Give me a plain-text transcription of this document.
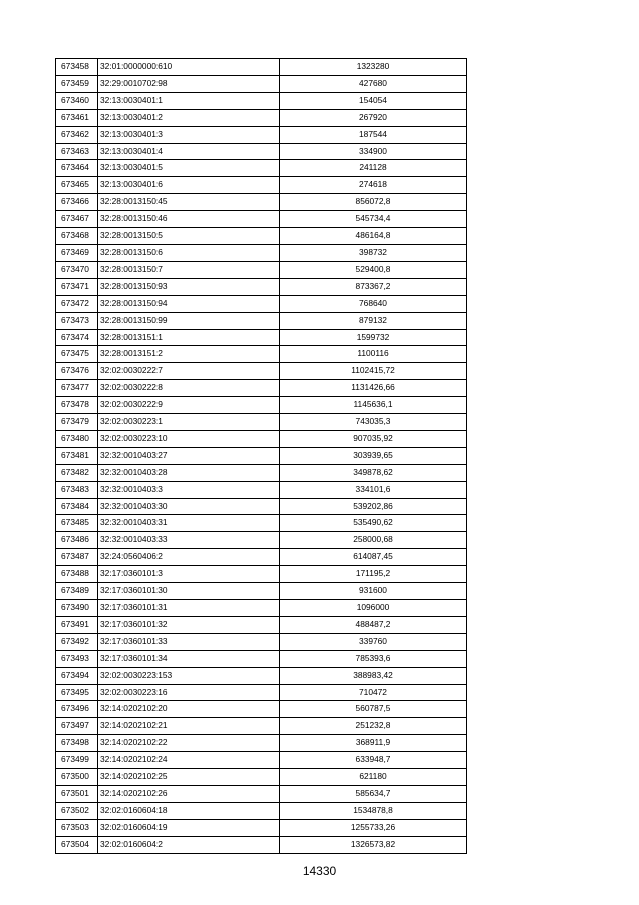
673458	32:01:0000000:610	1323280
673459	32:29:0010702:98	427680
673460	32:13:0030401:1	154054
673461	32:13:0030401:2	267920
673462	32:13:0030401:3	187544
673463	32:13:0030401:4	334900
673464	32:13:0030401:5	241128
673465	32:13:0030401:6	274618
673466	32:28:0013150:45	856072,8
673467	32:28:0013150:46	545734,4
673468	32:28:0013150:5	486164,8
673469	32:28:0013150:6	398732
673470	32:28:0013150:7	529400,8
673471	32:28:0013150:93	873367,2
673472	32:28:0013150:94	768640
673473	32:28:0013150:99	879132
673474	32:28:0013151:1	1599732
673475	32:28:0013151:2	1100116
673476	32:02:0030222:7	1102415,72
673477	32:02:0030222:8	1131426,66
673478	32:02:0030222:9	1145636,1
673479	32:02:0030223:1	743035,3
673480	32:02:0030223:10	907035,92
673481	32:32:0010403:27	303939,65
673482	32:32:0010403:28	349878,62
673483	32:32:0010403:3	334101,6
673484	32:32:0010403:30	539202,86
673485	32:32:0010403:31	535490,62
673486	32:32:0010403:33	258000,68
673487	32:24:0560406:2	614087,45
673488	32:17:0360101:3	171195,2
673489	32:17:0360101:30	931600
673490	32:17:0360101:31	1096000
673491	32:17:0360101:32	488487,2
673492	32:17:0360101:33	339760
673493	32:17:0360101:34	785393,6
673494	32:02:0030223:153	388983,42
673495	32:02:0030223:16	710472
673496	32:14:0202102:20	560787,5
673497	32:14:0202102:21	251232,8
673498	32:14:0202102:22	368911,9
673499	32:14:0202102:24	633948,7
673500	32:14:0202102:25	621180
673501	32:14:0202102:26	585634,7
673502	32:02:0160604:18	1534878,8
673503	32:02:0160604:19	1255733,26
673504	32:02:0160604:2	1326573,82
14330
